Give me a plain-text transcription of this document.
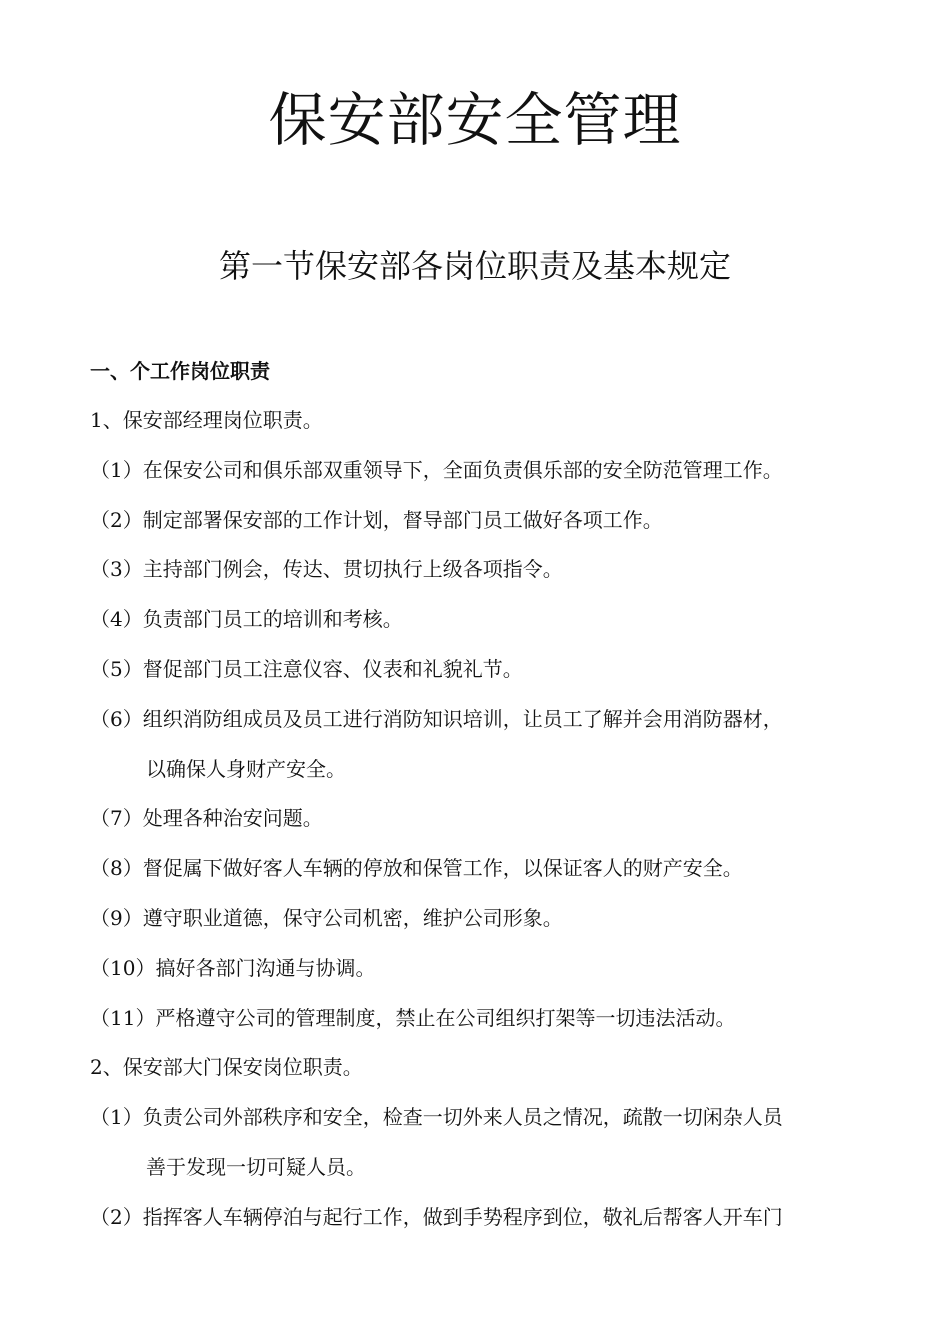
保安部安全管理
第一节保安部各岗位职责及基本规定
一、个工作岗位职责
1、保安部经理岗位职责。
（1）在保安公司和俱乐部双重领导下，全面负责俱乐部的安全防范管理工作。
（2）制定部署保安部的工作计划，督导部门员工做好各项工作。
（3）主持部门例会，传达、贯切执行上级各项指令。
（4）负责部门员工的培训和考核。
（5）督促部门员工注意仪容、仪表和礼貌礼节。
（6）组织消防组成员及员工进行消防知识培训，让员工了解并会用消防器材，
以确保人身财产安全。
（7）处理各种治安问题。
（8）督促属下做好客人车辆的停放和保管工作，以保证客人的财产安全。
（9）遵守职业道德，保守公司机密，维护公司形象。
（10）搞好各部门沟通与协调。
（11）严格遵守公司的管理制度，禁止在公司组织打架等一切违法活动。
2、保安部大门保安岗位职责。
（1）负责公司外部秩序和安全，检查一切外来人员之情况，疏散一切闲杂人员
善于发现一切可疑人员。
（2）指挥客人车辆停泊与起行工作，做到手势程序到位，敬礼后帮客人开车门
